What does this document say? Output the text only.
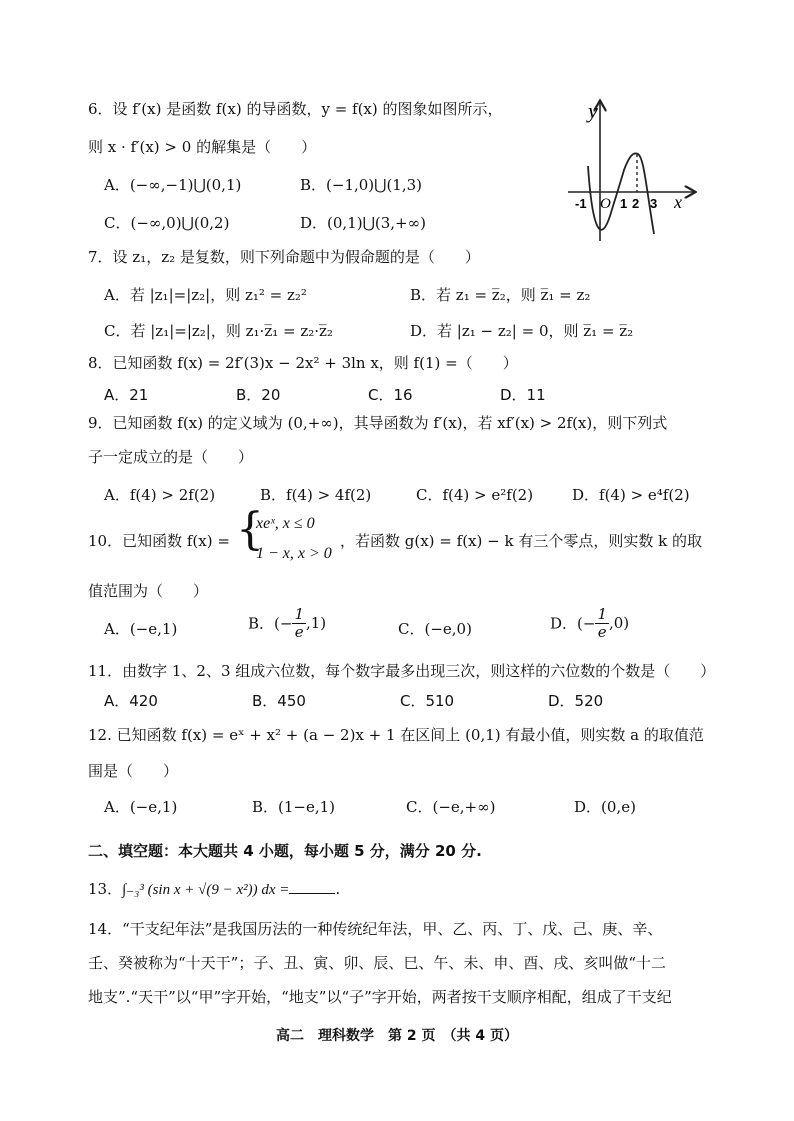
6．设 f′(x) 是函数 f(x) 的导函数，y = f(x) 的图象如图所示，
则 x · f′(x) > 0 的解集是（　　）
A．(−∞,−1)⋃(0,1)	B．(−1,0)⋃(1,3)
C．(−∞,0)⋃(0,2)	D．(0,1)⋃(3,+∞)
y
x
O
-1	1 2 3
7．设 z₁，z₂ 是复数，则下列命题中为假命题的是（　　）
A．若 |z₁|=|z₂|，则 z₁² = z₂²	B．若 z₁ = z̅₂，则 z̅₁ = z₂
C．若 |z₁|=|z₂|，则 z₁·z̅₁ = z₂·z̅₂	D．若 |z₁ − z₂| = 0，则 z̅₁ = z̅₂
8．已知函数 f(x) = 2f′(3)x − 2x² + 3ln x，则 f(1) =（　　）
A．21	B．20	C．16	D．11
9．已知函数 f(x) 的定义域为 (0,+∞)，其导函数为 f′(x)，若 xf′(x) > 2f(x)，则下列式
子一定成立的是（　　）
A．f(4) > 2f(2)	B．f(4) > 4f(2)	C．f(4) > e²f(2)	D．f(4) > e⁴f(2)
10．已知函数 f(x) = {
xeˣ, x ≤ 0
1 − x, x > 0
，若函数 g(x) = f(x) − k 有三个零点，则实数 k 的取
值范围为（　　）
A．(−e,1)	B．(− $\frac{1}{e} ,1$)	C．(−e,0)	D．(− $\frac{1}{e} ,0$)
11．由数字 1、2、3 组成六位数，每个数字最多出现三次，则这样的六位数的个数是（　　）
A．420	B．450	C．510	D．520
12. 已知函数 f(x) = eˣ + x² + (a − 2)x + 1 在区间上 (0,1) 有最小值，则实数 a 的取值范
围是（　　）
A．(−e,1)	B．(1−e,1)	C．(−e,+∞)	D．(0,e)
二、填空题：本大题共 4 小题，每小题 5 分，满分 20 分.
13．∫₋₃³ (sin x + √(9 − x²)) dx =	.
14．“干支纪年法”是我国历法的一种传统纪年法，甲、乙、丙、丁、戊、己、庚、辛、
壬、癸被称为“十天干”；子、丑、寅、卯、辰、巳、午、未、申、酉、戌、亥叫做“十二
地支”.“天干”以“甲”字开始，“地支”以“子”字开始，两者按干支顺序相配，组成了干支纪
高二　理科数学　第 2 页　（共 4 页）
